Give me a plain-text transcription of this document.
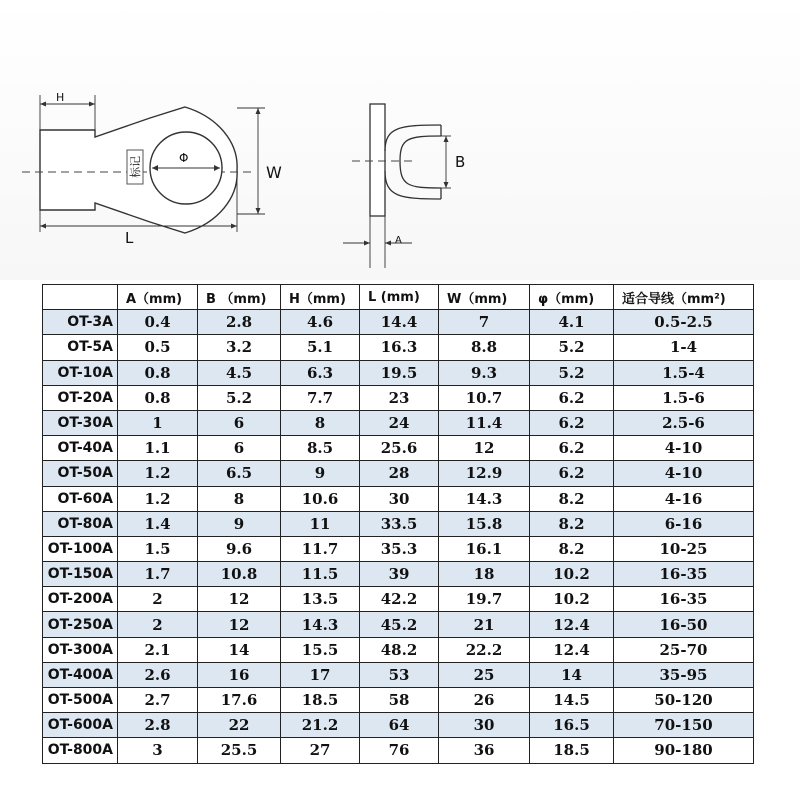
H
W
L
Φ
标记	B
A
	A（mm)	B （mm)	H（mm)	L (mm)	W（mm)	φ（mm)	适合导线（mm²)
OT-3A	0.4	2.8	4.6	14.4	7	4.1	0.5-2.5
OT-5A	0.5	3.2	5.1	16.3	8.8	5.2	1-4
OT-10A	0.8	4.5	6.3	19.5	9.3	5.2	1.5-4
OT-20A	0.8	5.2	7.7	23	10.7	6.2	1.5-6
OT-30A	1	6	8	24	11.4	6.2	2.5-6
OT-40A	1.1	6	8.5	25.6	12	6.2	4-10
OT-50A	1.2	6.5	9	28	12.9	6.2	4-10
OT-60A	1.2	8	10.6	30	14.3	8.2	4-16
OT-80A	1.4	9	11	33.5	15.8	8.2	6-16
OT-100A	1.5	9.6	11.7	35.3	16.1	8.2	10-25
OT-150A	1.7	10.8	11.5	39	18	10.2	16-35
OT-200A	2	12	13.5	42.2	19.7	10.2	16-35
OT-250A	2	12	14.3	45.2	21	12.4	16-50
OT-300A	2.1	14	15.5	48.2	22.2	12.4	25-70
OT-400A	2.6	16	17	53	25	14	35-95
OT-500A	2.7	17.6	18.5	58	26	14.5	50-120
OT-600A	2.8	22	21.2	64	30	16.5	70-150
OT-800A	3	25.5	27	76	36	18.5	90-180
